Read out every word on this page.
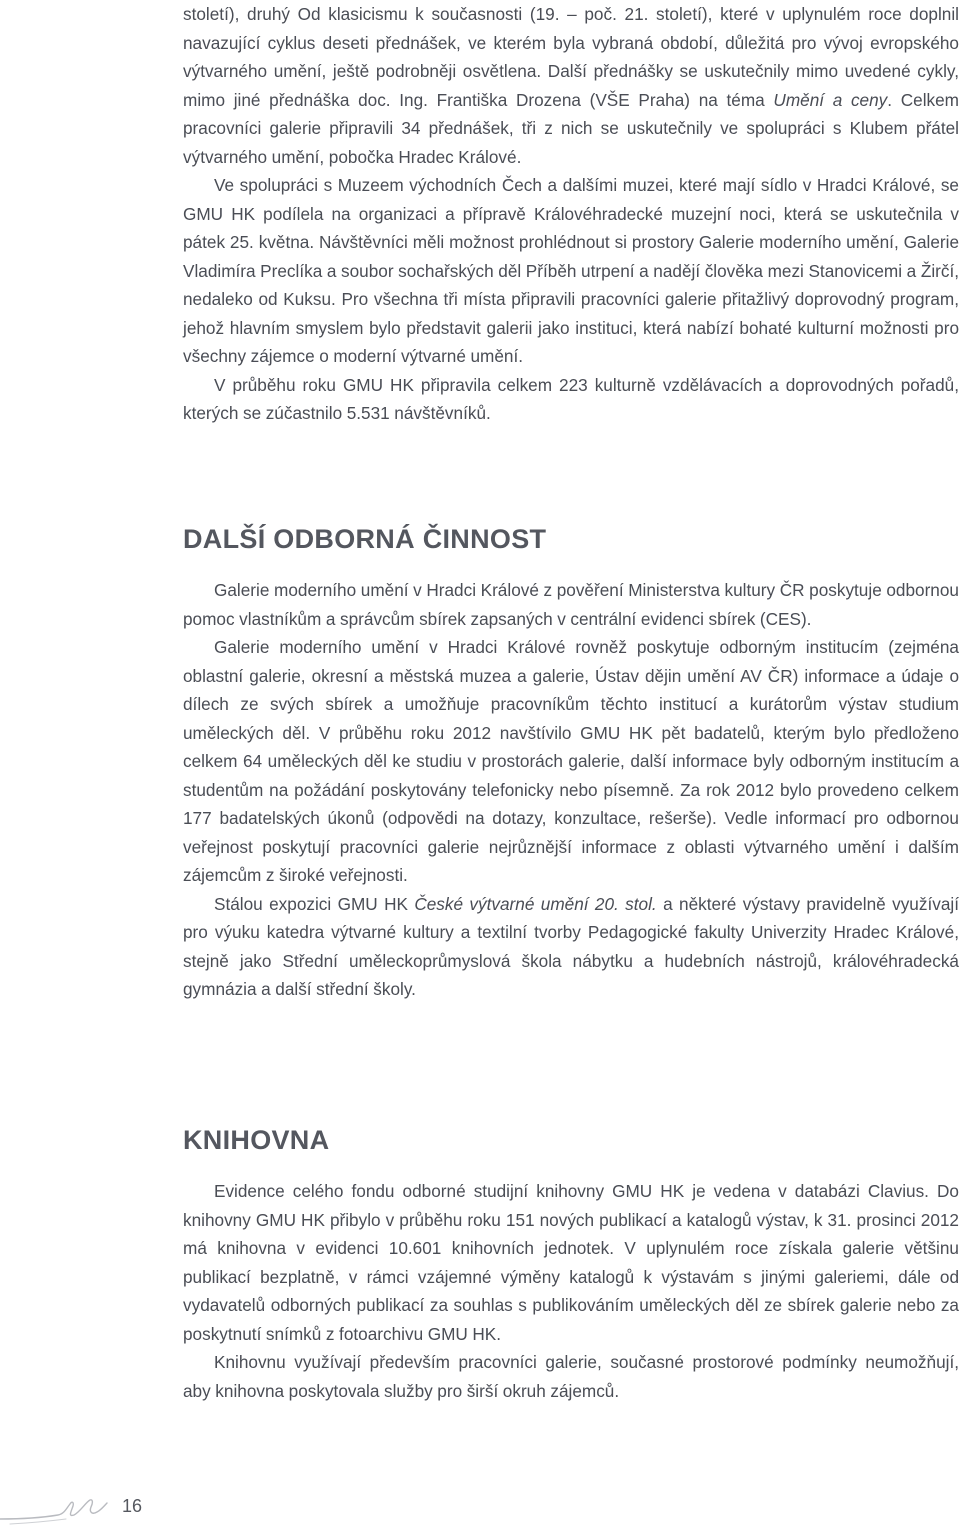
století), druhý Od klasicismu k současnosti (19. – poč. 21. století), které v uplynulém roce doplnil navazující cyklus deseti přednášek, ve kterém byla vybraná období, důležitá pro vývoj evropského výtvarného umění, ještě podrobněji osvětlena. Další přednášky se uskutečnily mimo uvedené cykly, mimo jiné přednáška doc. Ing. Františka Drozena (VŠE Praha) na téma Umění a ceny. Celkem pracovníci galerie připravili 34 přednášek, tři z nich se uskutečnily ve spolupráci s Klubem přátel výtvarného umění, pobočka Hradec Králové.

Ve spolupráci s Muzeem východních Čech a dalšími muzei, které mají sídlo v Hradci Králové, se GMU HK podílela na organizaci a přípravě Královéhradecké muzejní noci, která se uskutečnila v pátek 25. května. Návštěvníci měli možnost prohlédnout si prostory Galerie moderního umění, Galerie Vladimíra Preclíka a soubor sochařských děl Příběh utrpení a nadějí člověka mezi Stanovicemi a Žirčí, nedaleko od Kuksu. Pro všechna tři místa připravili pracovníci galerie přitažlivý doprovodný program, jehož hlavním smyslem bylo představit galerii jako instituci, která nabízí bohaté kulturní možnosti pro všechny zájemce o moderní výtvarné umění.

V průběhu roku GMU HK připravila celkem 223 kulturně vzdělávacích a doprovodných pořadů, kterých se zúčastnilo 5.531 návštěvníků.

DALŠÍ ODBORNÁ ČINNOST

Galerie moderního umění v Hradci Králové z pověření Ministerstva kultury ČR poskytuje odbornou pomoc vlastníkům a správcům sbírek zapsaných v centrální evidenci sbírek (CES).

Galerie moderního umění v Hradci Králové rovněž poskytuje odborným institucím (zejména oblastní galerie, okresní a městská muzea a galerie, Ústav dějin umění AV ČR) informace a údaje o dílech ze svých sbírek a umožňuje pracovníkům těchto institucí a kurátorům výstav studium uměleckých děl. V průběhu roku 2012 navštívilo GMU HK pět badatelů, kterým bylo předloženo celkem 64 uměleckých děl ke studiu v prostorách galerie, další informace byly odborným institucím a studentům na požádání poskytovány telefonicky nebo písemně. Za rok 2012 bylo provedeno celkem 177 badatelských úkonů (odpovědi na dotazy, konzultace, rešerše). Vedle informací pro odbornou veřejnost poskytují pracovníci galerie nejrůznější informace z oblasti výtvarného umění i dalším zájemcům z široké veřejnosti.

Stálou expozici GMU HK České výtvarné umění 20. stol. a některé výstavy pravidelně využívají pro výuku katedra výtvarné kultury a textilní tvorby Pedagogické fakulty Univerzity Hradec Králové, stejně jako Střední uměleckoprůmyslová škola nábytku a hudebních nástrojů, královéhradecká gymnázia a další střední školy.

KNIHOVNA

Evidence celého fondu odborné studijní knihovny GMU HK je vedena v databázi Clavius. Do knihovny GMU HK přibylo v průběhu roku 151 nových publikací a katalogů výstav, k 31. prosinci 2012 má knihovna v evidenci 10.601 knihovních jednotek. V uplynulém roce získala galerie většinu publikací bezplatně, v rámci vzájemné výměny katalogů k výstavám s jinými galeriemi, dále od vydavatelů odborných publikací za souhlas s publikováním uměleckých děl ze sbírek galerie nebo za poskytnutí snímků z fotoarchivu GMU HK.

Knihovnu využívají především pracovníci galerie, současné prostorové podmínky neumožňují, aby knihovna poskytovala služby pro širší okruh zájemců.

16
